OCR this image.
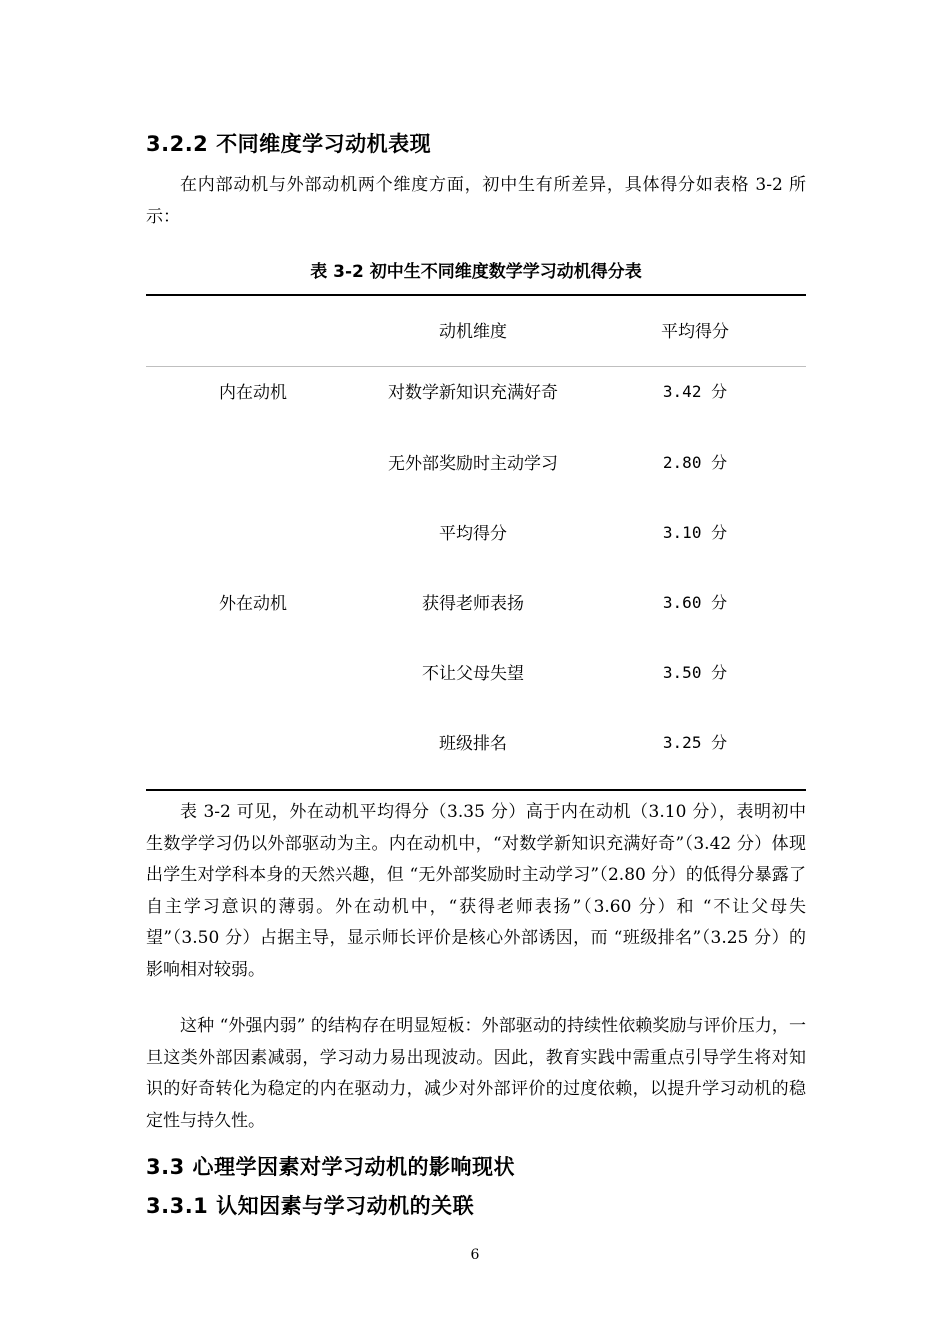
3.2.2 不同维度学习动机表现

在内部动机与外部动机两个维度方面，初中生有所差异，具体得分如表格 3-2 所示：

表 3-2 初中生不同维度数学学习动机得分表
动机维度	平均得分
内在动机	对数学新知识充满好奇	3.42 分
无外部奖励时主动学习	2.80 分
平均得分	3.10 分
外在动机	获得老师表扬	3.60 分
不让父母失望	3.50 分
班级排名	3.25 分

表 3-2 可见，外在动机平均得分（3.35 分）高于内在动机（3.10 分），表明初中生数学学习仍以外部驱动为主。内在动机中，“对数学新知识充满好奇”（3.42 分）体现出学生对学科本身的天然兴趣，但 “无外部奖励时主动学习”（2.80 分）的低得分暴露了自主学习意识的薄弱。外在动机中，“获得老师表扬”（3.60 分）和 “不让父母失望”（3.50 分）占据主导，显示师长评价是核心外部诱因，而 “班级排名”（3.25 分）的影响相对较弱。

这种 “外强内弱” 的结构存在明显短板：外部驱动的持续性依赖奖励与评价压力，一旦这类外部因素减弱，学习动力易出现波动。因此，教育实践中需重点引导学生将对知识的好奇转化为稳定的内在驱动力，减少对外部评价的过度依赖，以提升学习动机的稳定性与持久性。

3.3 心理学因素对学习动机的影响现状
3.3.1 认知因素与学习动机的关联
6
